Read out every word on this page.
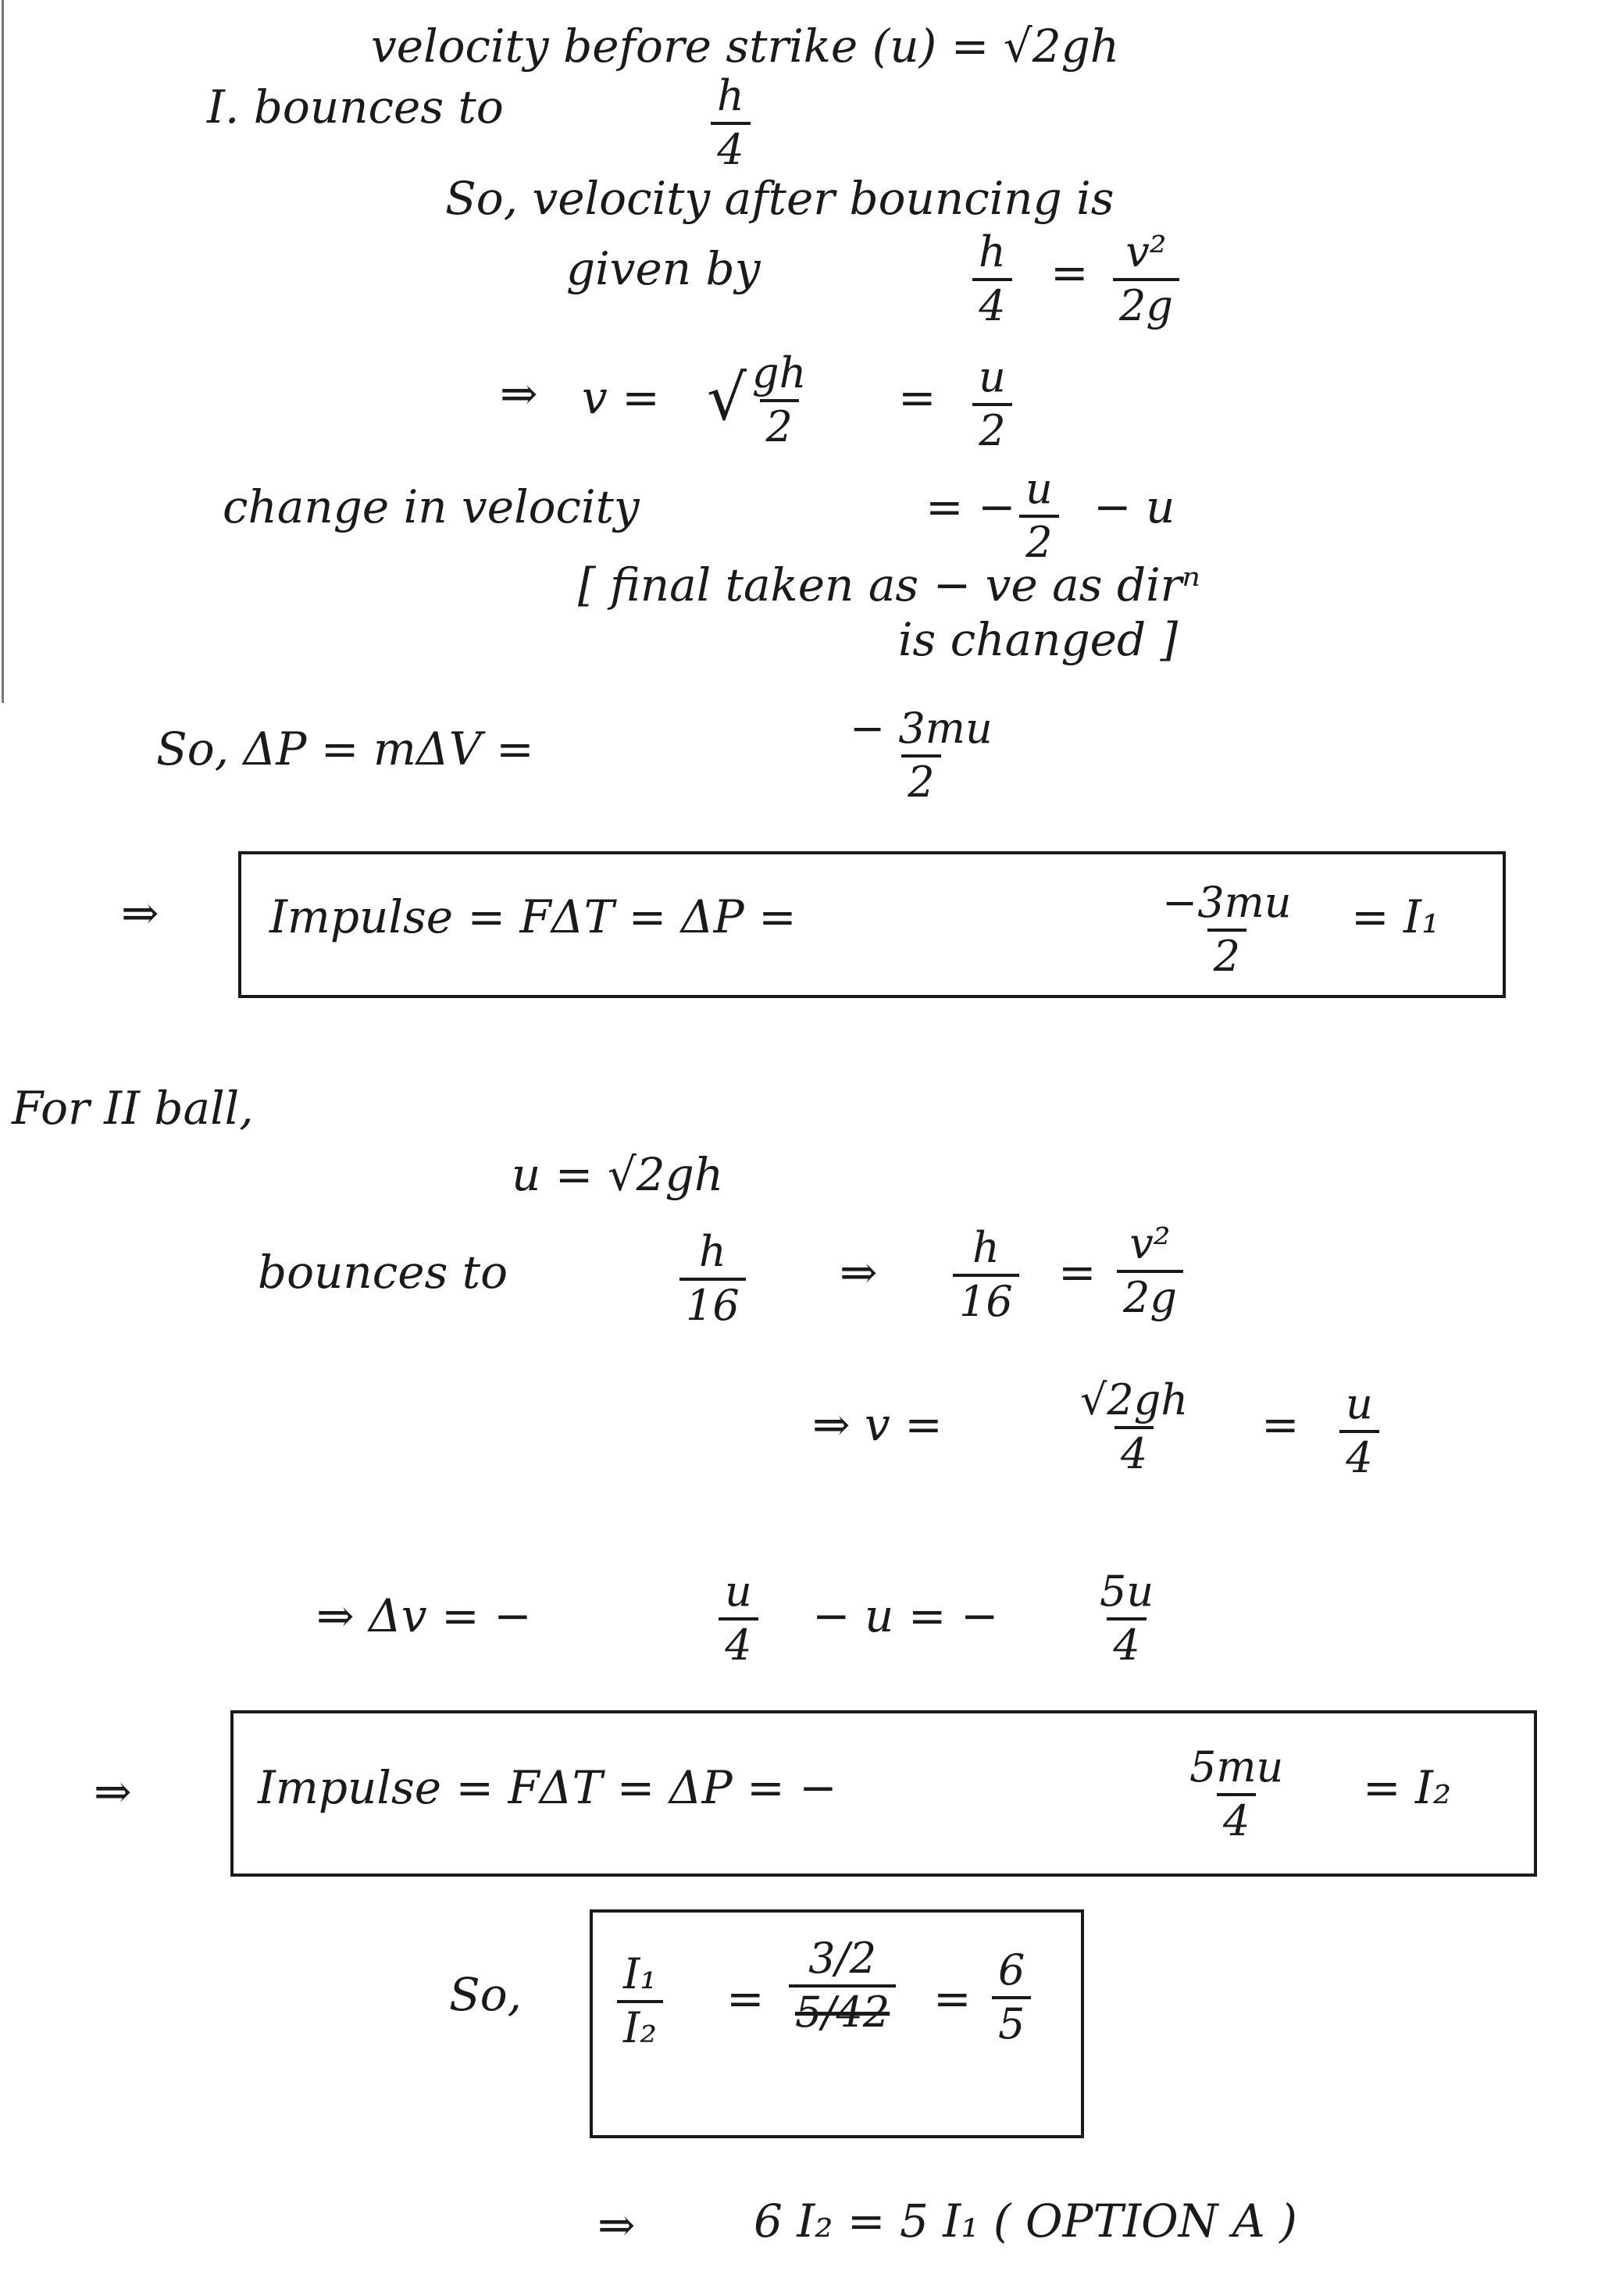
velocity before strike (u) = √2gh
I. bounces to	$\frac{h}{4}$
So, velocity after bouncing is
given by	$\frac{h}{4} = \frac{\text{v²}}{2g}$
⇒ v = √ $\frac{gh}{2} = \frac{u}{2}$
change in velocity	= − $\frac{u}{2} - u$
[ final taken as − ve as dirⁿ
is changed ]
So, ΔP = mΔV =	$\frac{- 3mu}{2}$
⇒ Impulse = FΔT = ΔP =	$\frac{-3mu}{2} = I_1$
For II ball,
u = √2gh
bounces to	$\frac{h}{16}$ ⇒ $\frac{h}{16} = \frac{\text{v²}}{2g}$
⇒ v =	$\frac{√2gh}{4} = \frac{u}{4}$
⇒ Δv = −	$\frac{u}{4} - u$ = − $\frac{5u}{4}$
⇒	Impulse = FΔT = ΔP = −	$\frac{5mu}{4} = I_2$
So, $\frac{\text{I₁}}{\text{I₂}} = \frac{3/2}{5/42} = \frac{6}{5}$
⇒	6 I₂ = 5 I₁ ( OPTION A )
